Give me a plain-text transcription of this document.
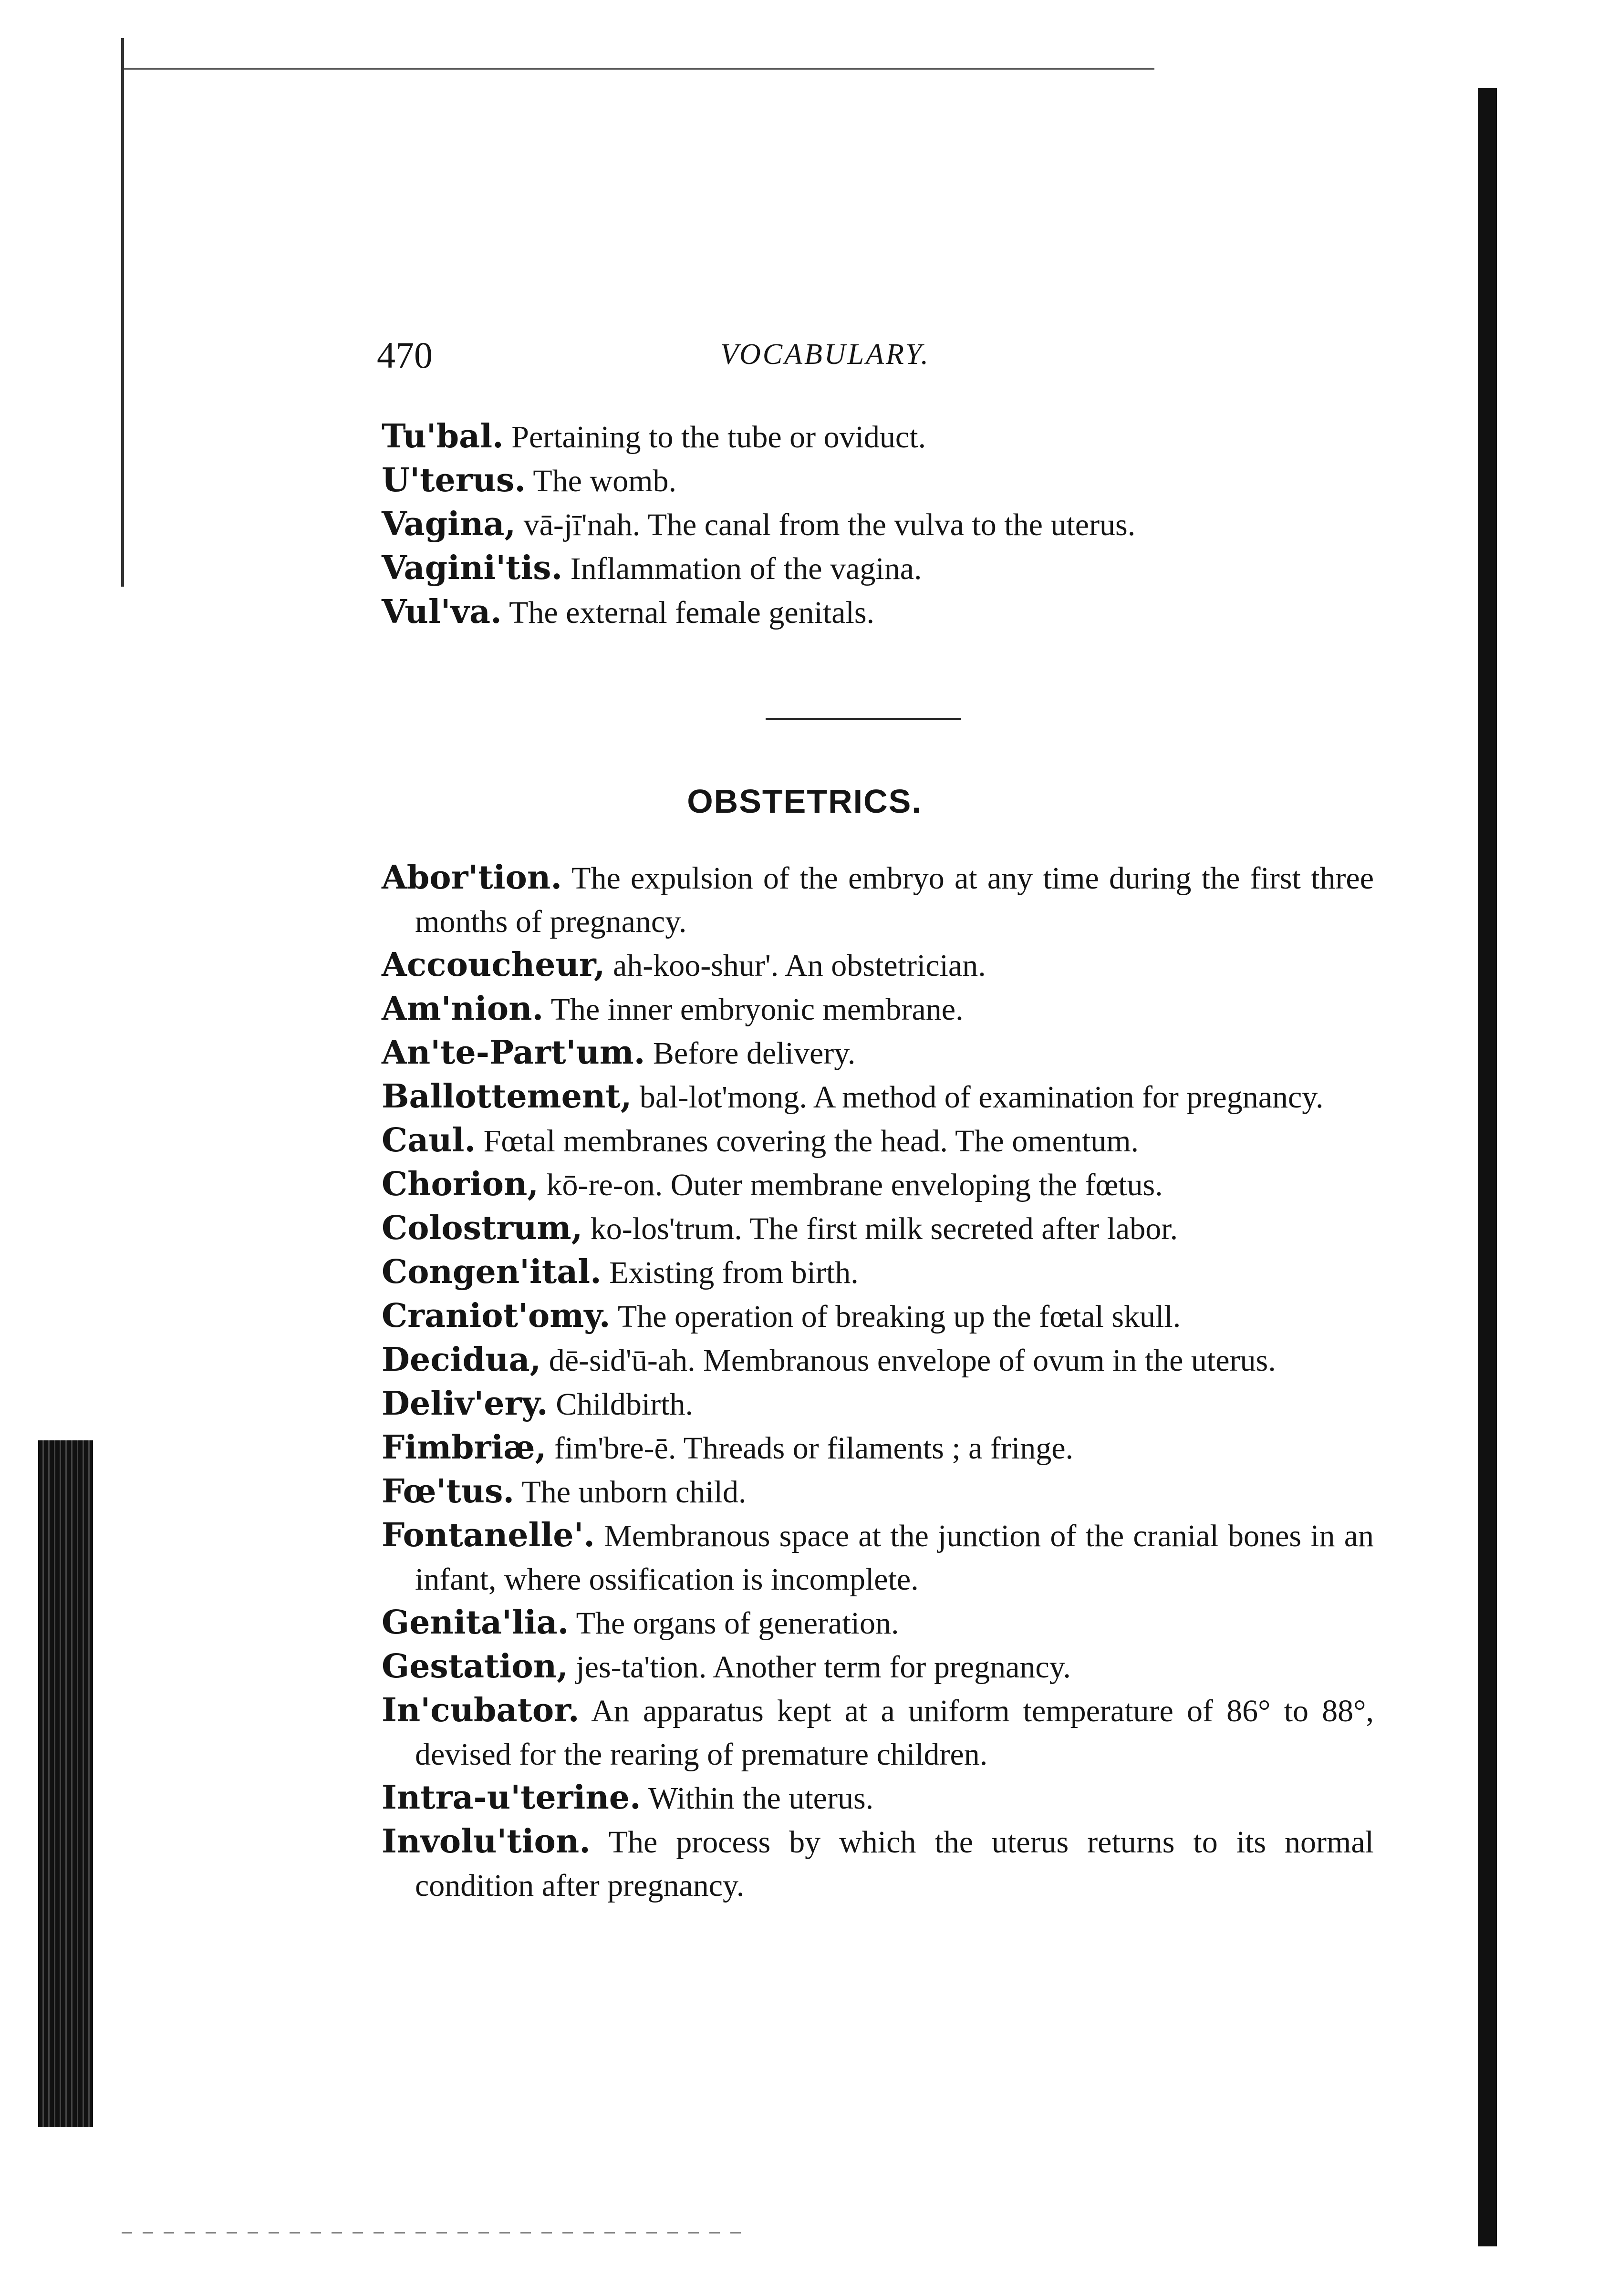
470	VOCABULARY.
Tu'bal. Pertaining to the tube or oviduct.
U'terus. The womb.
Vagina, vā-jī'nah. The canal from the vulva to the uterus.
Vagini'tis. Inflammation of the vagina.
Vul'va. The external female genitals.
OBSTETRICS.
Abor'tion. The expulsion of the embryo at any time during the first three months of pregnancy.
Accoucheur, ah-koo-shur'. An obstetrician.
Am'nion. The inner embryonic membrane.
An'te-Part'um. Before delivery.
Ballottement, bal-lot'mong. A method of examination for pregnancy.
Caul. Fœtal membranes covering the head. The omentum.
Chorion, kō-re-on. Outer membrane enveloping the fœtus.
Colostrum, ko-los'trum. The first milk secreted after labor.
Congen'ital. Existing from birth.
Craniot'omy. The operation of breaking up the fœtal skull.
Decidua, dē-sid'ū-ah. Membranous envelope of ovum in the uterus.
Deliv'ery. Childbirth.
Fimbriæ, fim'bre-ē. Threads or filaments ; a fringe.
Fœ'tus. The unborn child.
Fontanelle'. Membranous space at the junction of the cranial bones in an infant, where ossification is incomplete.
Genita'lia. The organs of generation.
Gestation, jes-ta'tion. Another term for pregnancy.
In'cubator. An apparatus kept at a uniform temperature of 86° to 88°, devised for the rearing of premature children.
Intra-u'terine. Within the uterus.
Involu'tion. The process by which the uterus returns to its normal condition after pregnancy.
